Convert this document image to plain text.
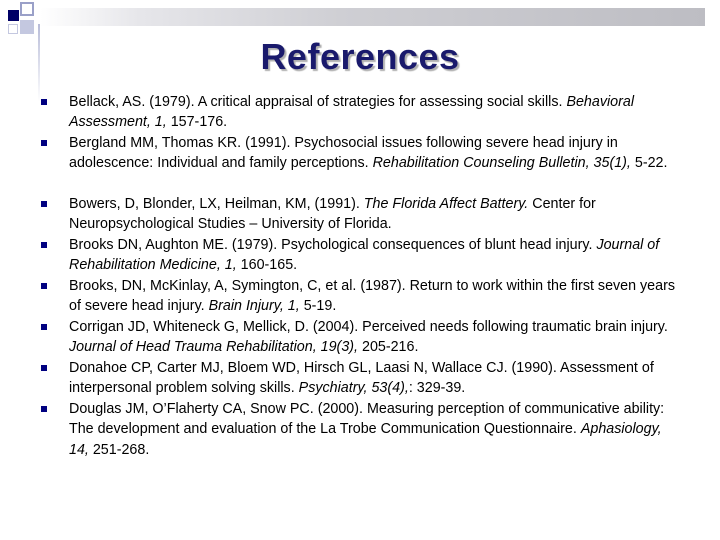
References

Bellack, AS. (1979). A critical appraisal of strategies for assessing social skills. Behavioral Assessment, 1, 157-176.

Bergland MM, Thomas KR. (1991). Psychosocial issues following severe head injury in adolescence: Individual and family perceptions. Rehabilitation Counseling Bulletin, 35(1), 5-22.

Bowers, D, Blonder, LX, Heilman, KM, (1991). The Florida Affect Battery. Center for Neuropsychological Studies – University of Florida.

Brooks DN, Aughton ME. (1979). Psychological consequences of blunt head injury. Journal of Rehabilitation Medicine, 1, 160-165.

Brooks, DN, McKinlay, A, Symington, C, et al. (1987). Return to work within the first seven years of severe head injury. Brain Injury, 1, 5-19.

Corrigan JD, Whiteneck G, Mellick, D. (2004). Perceived needs following traumatic brain injury. Journal of Head Trauma Rehabilitation, 19(3), 205-216.

Donahoe CP, Carter MJ, Bloem WD, Hirsch GL, Laasi N, Wallace CJ. (1990). Assessment of interpersonal problem solving skills. Psychiatry, 53(4),: 329-39.

Douglas JM, O’Flaherty CA, Snow PC. (2000). Measuring perception of communicative ability: The development and evaluation of the La Trobe Communication Questionnaire. Aphasiology, 14, 251-268.
